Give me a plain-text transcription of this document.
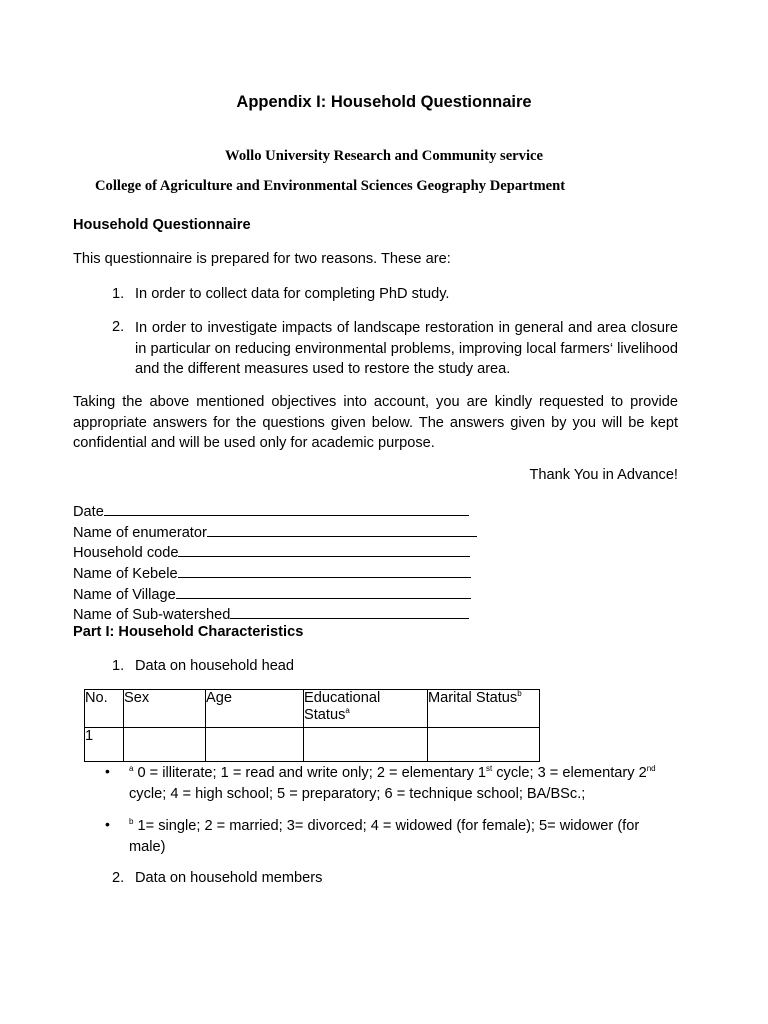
Appendix I: Household Questionnaire
Wollo University Research and Community service
College of Agriculture and Environmental Sciences Geography Department
Household Questionnaire
This questionnaire is prepared for two reasons. These are:
1. In order to collect data for completing PhD study.
2. In order to investigate impacts of landscape restoration in general and area closure in particular on reducing environmental problems, improving local farmers‘ livelihood and the different measures used to restore the study area.
Taking the above mentioned objectives into account, you are kindly requested to provide appropriate answers for the questions given below. The answers given by you will be kept confidential and will be used only for academic purpose.
Thank You in Advance!
Date
Name of enumerator
Household code
Name of Kebele
Name of Village
Name of Sub-watershed
Part I: Household Characteristics
1. Data on household head
No.	Sex	Age	Educational Status$^a$	Marital Status$^b$
1				
• $^a$ 0 = illiterate; 1 = read and write only; 2 = elementary 1st cycle; 3 = elementary 2nd cycle; 4 = high school; 5 = preparatory; 6 = technique school; BA/BSc.;
• $^b$ 1= single; 2 = married; 3= divorced; 4 = widowed (for female); 5= widower (for male)
2. Data on household members
